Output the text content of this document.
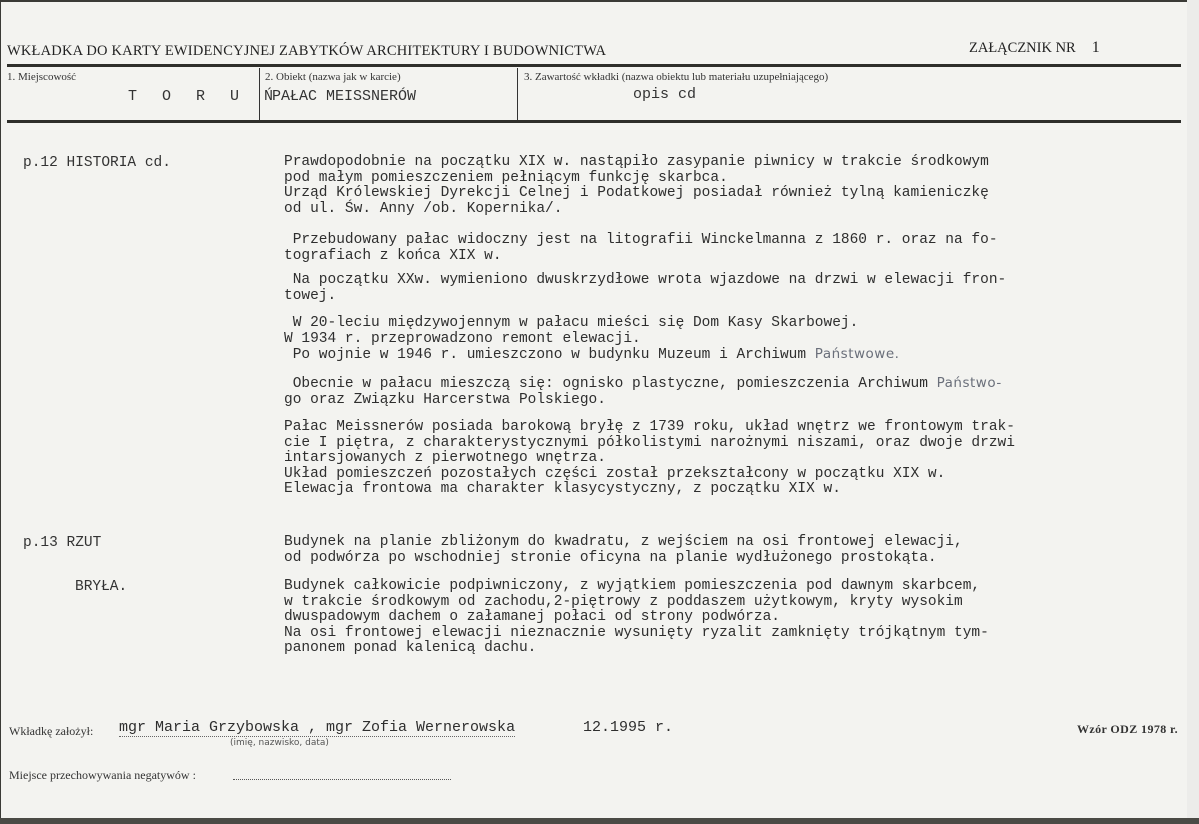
WKŁADKA DO KARTY EWIDENCYJNEJ ZABYTKÓW ARCHITEKTURY I BUDOWNICTWA	ZAŁĄCZNIK NR 1
1. Miejscowość
T O R U Ń
2. Obiekt (nazwa jak w karcie)
PAŁAC MEISSNERÓW
3. Zawartość wkładki (nazwa obiektu lub materiału uzupełniającego)
opis cd
p.12 HISTORIA cd.	Prawdopodobnie na początku XIX w. nastąpiło zasypanie piwnicy w trakcie środkowym
pod małym pomieszczeniem pełniącym funkcję skarbca.
Urząd Królewskiej Dyrekcji Celnej i Podatkowej posiadał również tylną kamieniczkę
od ul. Św. Anny /ob. Kopernika/.
Przebudowany pałac widoczny jest na litografii Winckelmanna z 1860 r. oraz na fo-
tografiach z końca XIX w.
Na początku XXw. wymieniono dwuskrzydłowe wrota wjazdowe na drzwi w elewacji fron-
towej.
W 20-leciu międzywojennym w pałacu mieści się Dom Kasy Skarbowej.
W 1934 r. przeprowadzono remont elewacji.
Po wojnie w 1946 r. umieszczono w budynku Muzeum i Archiwum Państwowe.
Obecnie w pałacu mieszczą się: ognisko plastyczne, pomieszczenia Archiwum Państwo-
go oraz Związku Harcerstwa Polskiego.
Pałac Meissnerów posiada barokową bryłę z 1739 roku, układ wnętrz we frontowym trak-
cie I piętra, z charakterystycznymi półkolistymi narożnymi niszami, oraz dwoje drzwi
intarsjowanych z pierwotnego wnętrza.
Układ pomieszczeń pozostałych części został przekształcony w początku XIX w.
Elewacja frontowa ma charakter klasycystyczny, z początku XIX w.
p.13 RZUT	Budynek na planie zbliżonym do kwadratu, z wejściem na osi frontowej elewacji,
od podwórza po wschodniej stronie oficyna na planie wydłużonego prostokąta.
BRYŁA.	Budynek całkowicie podpiwniczony, z wyjątkiem pomieszczenia pod dawnym skarbcem,
w trakcie środkowym od zachodu,2-piętrowy z poddaszem użytkowym, kryty wysokim
dwuspadowym dachem o załamanej połaci od strony podwórza.
Na osi frontowej elewacji nieznacznie wysunięty ryzalit zamknięty trójkątnym tym-
panonem ponad kalenicą dachu.
Wkładkę założył: mgr Maria Grzybowska , mgr Zofia Wernerowska	12.1995 r.
(imię, nazwisko, data)
Wzór ODZ 1978 r.
Miejsce przechowywania negatywów :
